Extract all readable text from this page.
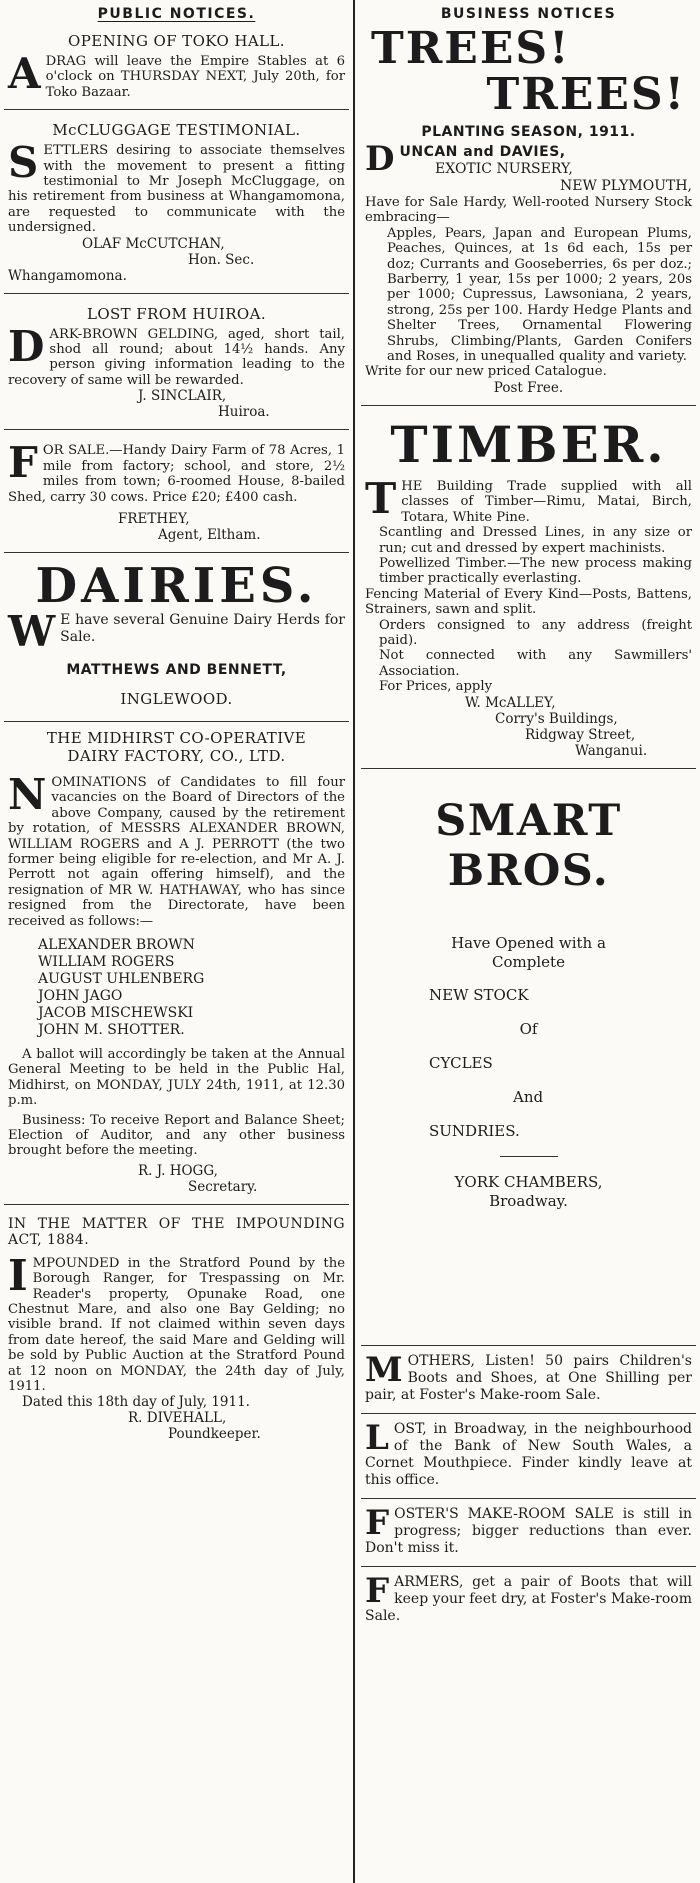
PUBLIC NOTICES.
OPENING OF TOKO HALL.

ADRAG will leave the Empire Stables at 6 o'clock on THURSDAY NEXT, July 20th, for Toko Bazaar.

McCLUGGAGE TESTIMONIAL.

SETTLERS desiring to associate themselves with the movement to present a fitting testimonial to Mr Joseph McCluggage, on his retirement from business at Whangamomona, are requested to communicate with the undersigned.

OLAF McCUTCHAN,
Hon. Sec.
Whangamomona.
LOST FROM HUIROA.

DARK-BROWN GELDING, aged, short tail, shod all round; about 14½ hands. Any person giving information leading to the recovery of same will be rewarded.

J. SINCLAIR,
Huiroa.

FOR SALE.—Handy Dairy Farm of 78 Acres, 1 mile from factory; school, and store, 2½ miles from town; 6-roomed House, 8-bailed Shed, carry 30 cows. Price £20; £400 cash.

FRETHEY,
Agent, Eltham.
DAIRIES.

W E have several Genuine Dairy Herds for Sale.

MATTHEWS AND BENNETT,
INGLEWOOD.
THE MIDHIRST CO-OPERATIVE
DAIRY FACTORY, CO., LTD.

NOMINATIONS of Candidates to fill four vacancies on the Board of Directors of the above Company, caused by the retirement by rotation, of MESSRS ALEXANDER BROWN, WILLIAM ROGERS and A J. PERROTT (the two former being eligible for re-election, and Mr A. J. Perrott not again offering himself), and the resignation of MR W. HATHAWAY, who has since resigned from the Directorate, have been received as follows:—

ALEXANDER BROWN
WILLIAM ROGERS
AUGUST UHLENBERG
JOHN JAGO
JACOB MISCHEWSKI
JOHN M. SHOTTER.

A ballot will accordingly be taken at the Annual General Meeting to be held in the Public Hal, Midhirst, on MONDAY, JULY 24th, 1911, at 12.30 p.m.

Business: To receive Report and Balance Sheet; Election of Auditor, and any other business brought before the meeting.

R. J. HOGG,
Secretary.
IN THE MATTER OF THE IMPOUNDING ACT, 1884.

IMPOUNDED in the Stratford Pound by the Borough Ranger, for Trespassing on Mr. Reader's property, Opunake Road, one Chestnut Mare, and also one Bay Gelding; no visible brand. If not claimed within seven days from date hereof, the said Mare and Gelding will be sold by Public Auction at the Stratford Pound at 12 noon on MONDAY, the 24th day of July, 1911.

Dated this 18th day of July, 1911.
R. DIVEHALL,
Poundkeeper.
BUSINESS NOTICES
TREES!
TREES!
PLANTING SEASON, 1911.
D UNCAN and DAVIES,
EXOTIC NURSERY,
NEW PLYMOUTH,

Have for Sale Hardy, Well-rooted Nursery Stock embracing—

Apples, Pears, Japan and European Plums, Peaches, Quinces, at 1s 6d each, 15s per doz; Currants and Gooseberries, 6s per doz.; Barberry, 1 year, 15s per 1000; 2 years, 20s per 1000; Cupressus, Lawsoniana, 2 years, strong, 25s per 100. Hardy Hedge Plants and Shelter Trees, Ornamental Flowering Shrubs, Climbing/Plants, Garden Conifers and Roses, in unequalled quality and variety.

Write for our new priced Catalogue.

Post Free.
TIMBER.

THE Building Trade supplied with all classes of Timber—Rimu, Matai, Birch, Totara, White Pine.

Scantling and Dressed Lines, in any size or run; cut and dressed by expert machinists.

Powellized Timber.—The new process making timber practically everlasting.

Fencing Material of Every Kind—Posts, Battens, Strainers, sawn and split.

Orders consigned to any address (freight paid).

Not connected with any Sawmillers' Association.

For Prices, apply

W. McALLEY,
Corry's Buildings,
Ridgway Street,
Wanganui.
SMART BROS.
Have Opened with a
Complete
NEW STOCK
Of
CYCLES
And
SUNDRIES.
YORK CHAMBERS,
Broadway.

MOTHERS, Listen! 50 pairs Children's Boots and Shoes, at One Shilling per pair, at Foster's Make-room Sale.

LOST, in Broadway, in the neighbourhood of the Bank of New South Wales, a Cornet Mouthpiece. Finder kindly leave at this office.

FOSTER'S MAKE-ROOM SALE is still in progress; bigger reductions than ever. Don't miss it.

FARMERS, get a pair of Boots that will keep your feet dry, at Foster's Make-room Sale.
